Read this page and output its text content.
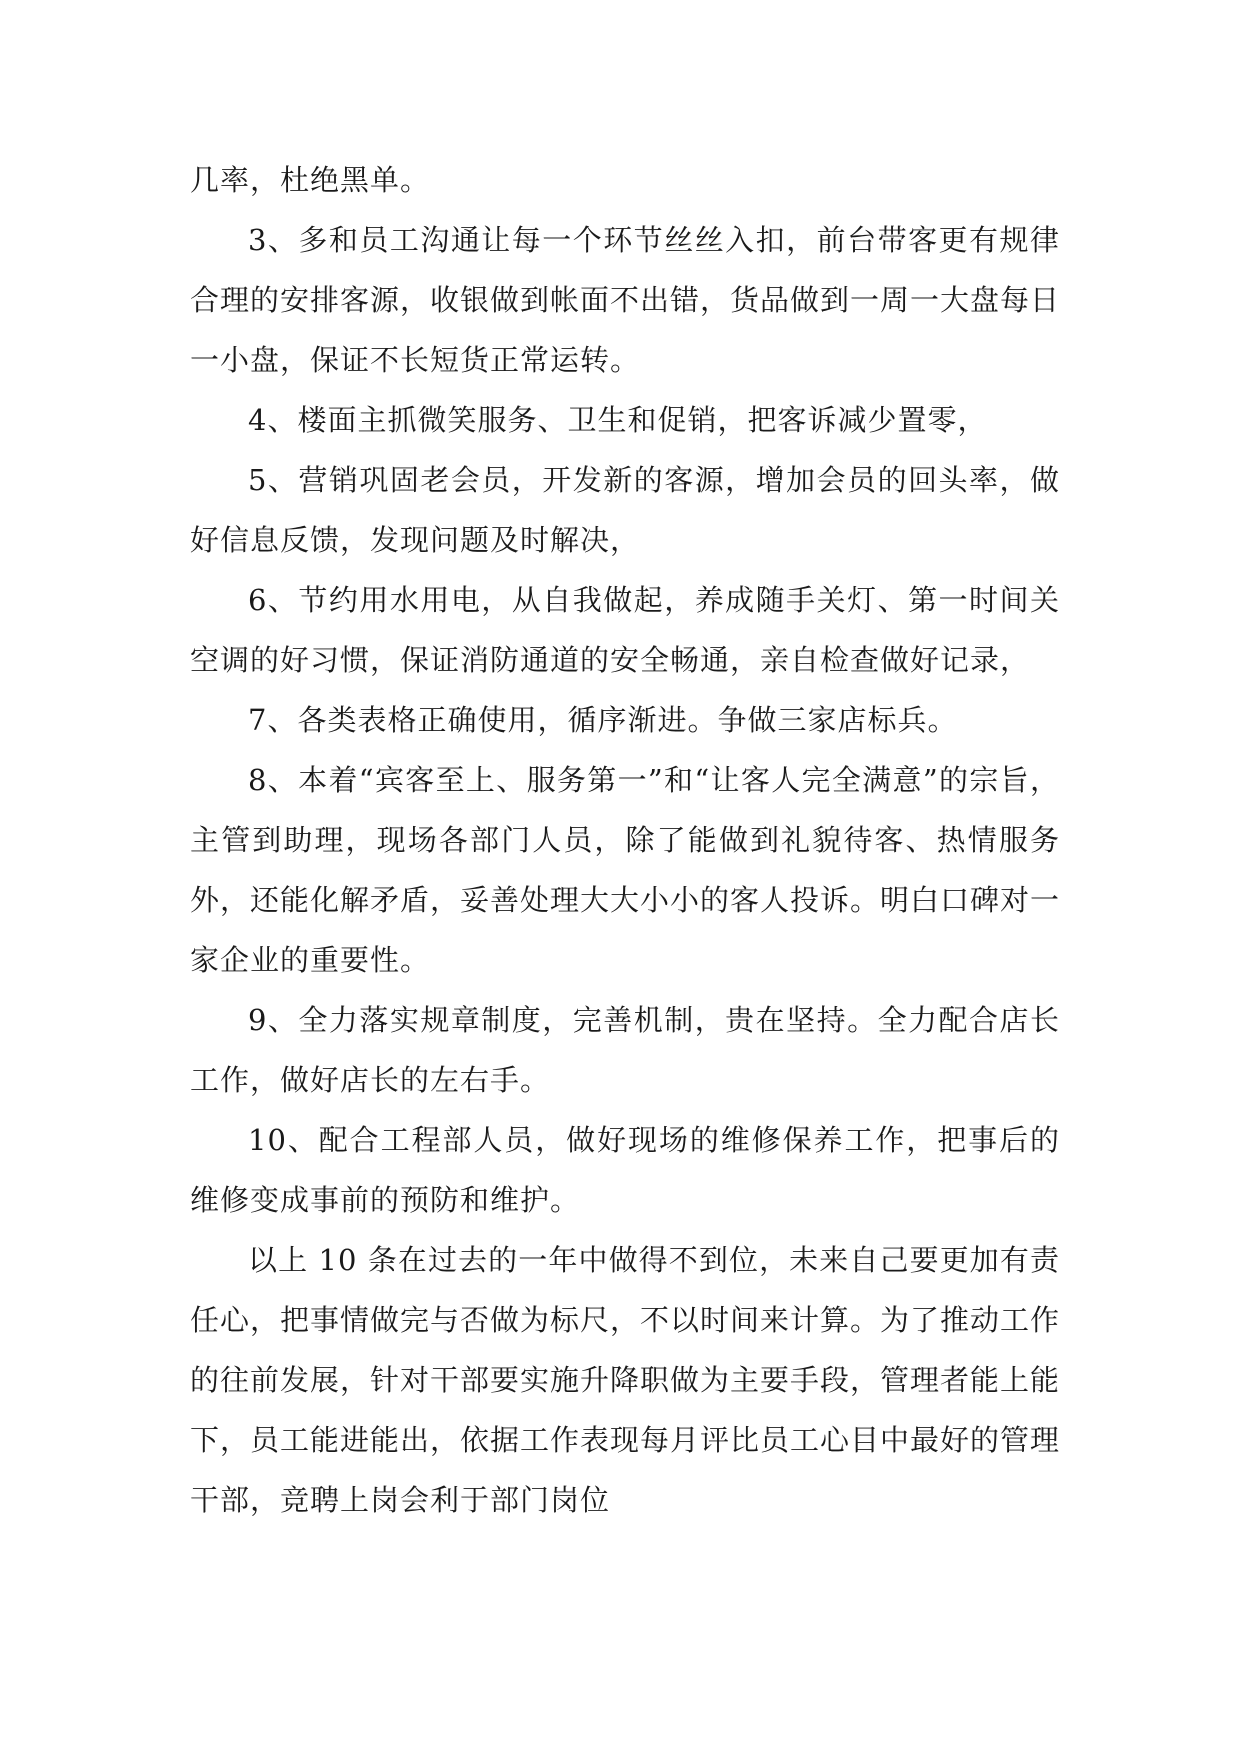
几率，杜绝黑单。

3、多和员工沟通让每一个环节丝丝入扣，前台带客更有规律合理的安排客源，收银做到帐面不出错，货品做到一周一大盘每日一小盘，保证不长短货正常运转。

4、楼面主抓微笑服务、卫生和促销，把客诉减少置零，

5、营销巩固老会员，开发新的客源，增加会员的回头率，做好信息反馈，发现问题及时解决，

6、节约用水用电，从自我做起，养成随手关灯、第一时间关空调的好习惯，保证消防通道的安全畅通，亲自检查做好记录，

7、各类表格正确使用，循序渐进。争做三家店标兵。

8、本着“宾客至上、服务第一”和“让客人完全满意”的宗旨，主管到助理，现场各部门人员，除了能做到礼貌待客、热情服务外，还能化解矛盾，妥善处理大大小小的客人投诉。明白口碑对一家企业的重要性。

9、全力落实规章制度，完善机制，贵在坚持。全力配合店长工作，做好店长的左右手。

10、配合工程部人员，做好现场的维修保养工作，把事后的维修变成事前的预防和维护。

以上 10 条在过去的一年中做得不到位，未来自己要更加有责任心，把事情做完与否做为标尺，不以时间来计算。为了推动工作的往前发展，针对干部要实施升降职做为主要手段，管理者能上能下，员工能进能出，依据工作表现每月评比员工心目中最好的管理干部，竞聘上岗会利于部门岗位
